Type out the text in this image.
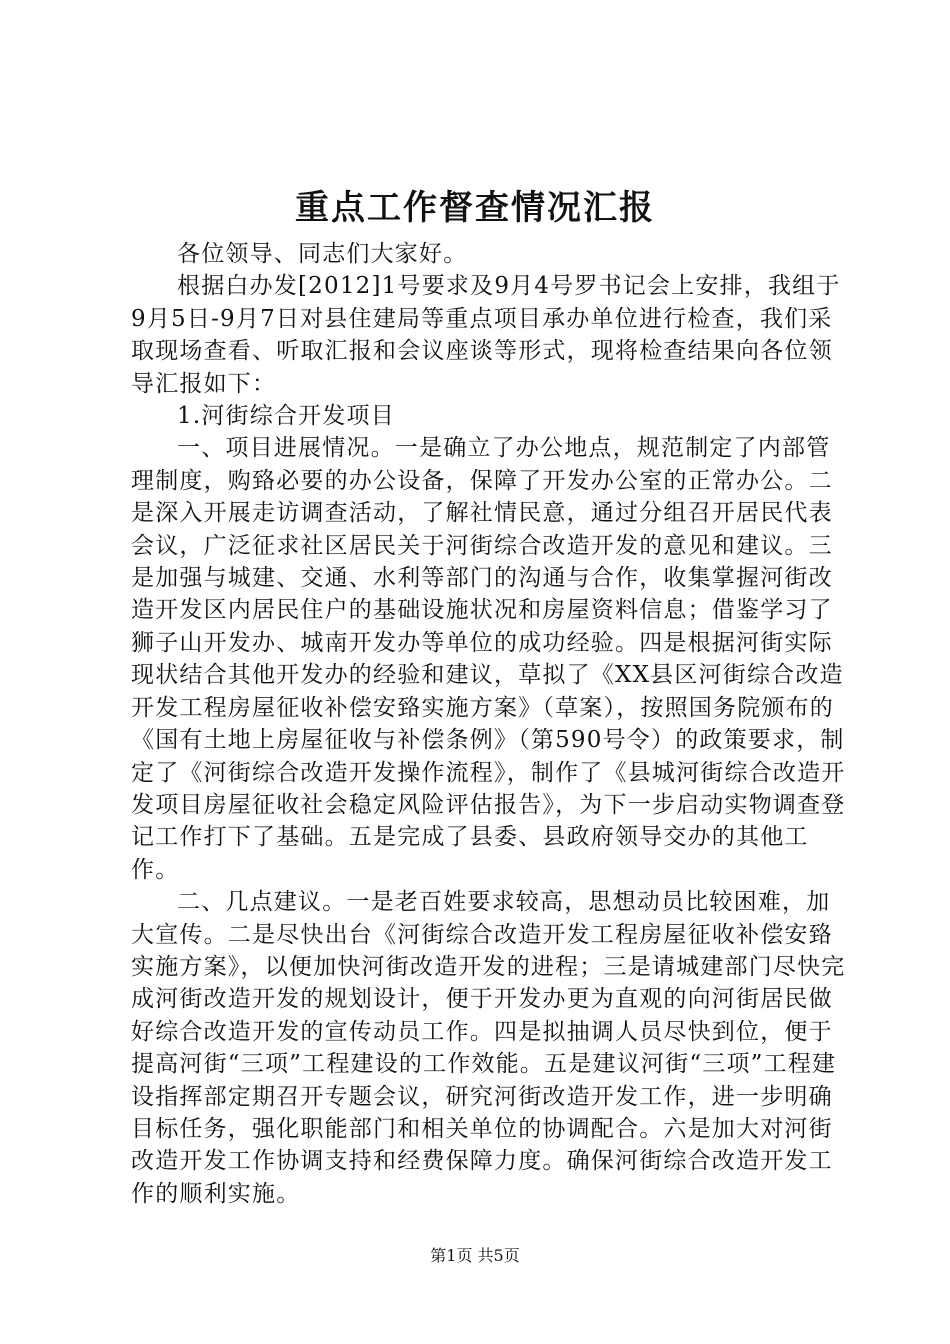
重点工作督查情况汇报

各位领导、同志们大家好。

根据白办发[2012]1号要求及9月4号罗书记会上安排，我组于9月5日-9月7日对县住建局等重点项目承办单位进行检查，我们采取现场查看、听取汇报和会议座谈等形式，现将检查结果向各位领导汇报如下：

1.河街综合开发项目

一、项目进展情况。一是确立了办公地点，规范制定了内部管理制度，购臵必要的办公设备，保障了开发办公室的正常办公。二是深入开展走访调查活动，了解社情民意，通过分组召开居民代表会议，广泛征求社区居民关于河街综合改造开发的意见和建议。三是加强与城建、交通、水利等部门的沟通与合作，收集掌握河街改造开发区内居民住户的基础设施状况和房屋资料信息；借鉴学习了狮子山开发办、城南开发办等单位的成功经验。四是根据河街实际现状结合其他开发办的经验和建议，草拟了《XX县区河街综合改造开发工程房屋征收补偿安臵实施方案》（草案），按照国务院颁布的《国有土地上房屋征收与补偿条例》（第590号令）的政策要求，制定了《河街综合改造开发操作流程》，制作了《县城河街综合改造开发项目房屋征收社会稳定风险评估报告》，为下一步启动实物调查登记工作打下了基础。五是完成了县委、县政府领导交办的其他工作。

二、几点建议。一是老百姓要求较高，思想动员比较困难，加大宣传。二是尽快出台《河街综合改造开发工程房屋征收补偿安臵实施方案》，以便加快河街改造开发的进程；三是请城建部门尽快完成河街改造开发的规划设计，便于开发办更为直观的向河街居民做好综合改造开发的宣传动员工作。四是拟抽调人员尽快到位，便于提高河街“三项”工程建设的工作效能。五是建议河街“三项”工程建设指挥部定期召开专题会议，研究河街改造开发工作，进一步明确目标任务，强化职能部门和相关单位的协调配合。六是加大对河街改造开发工作协调支持和经费保障力度。确保河街综合改造开发工作的顺利实施。

第1页 共5页
